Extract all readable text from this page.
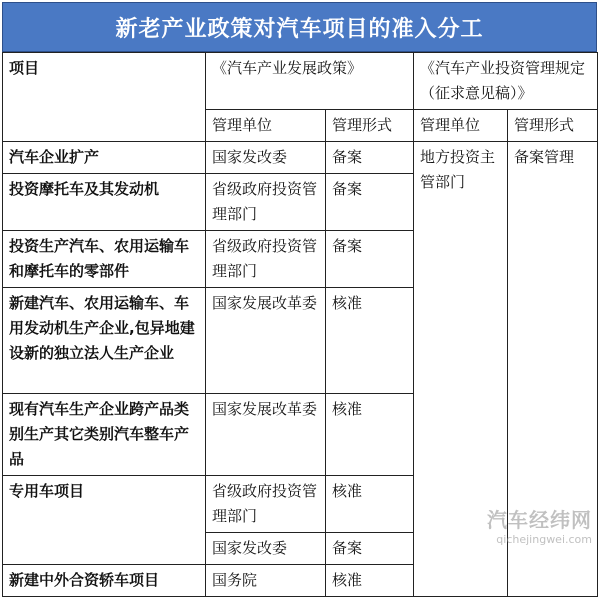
新老产业政策对汽车项目的准入分工
项目	《汽车产业发展政策》		《汽车产业投资管理规定（征求意见稿）》	
	管理单位	管理形式	管理单位	管理形式
汽车企业扩产	国家发改委	备案	地方投资主管部门	备案管理
投资摩托车及其发动机	省级政府投资管理部门	备案		
投资生产汽车、农用运输车和摩托车的零部件	省级政府投资管理部门	备案		
新建汽车、农用运输车、车用发动机生产企业,包异地建设新的独立法人生产企业	国家发展改革委	核准		
现有汽车生产企业跨产品类别生产其它类别汽车整车产品	国家发展改革委	核准		
专用车项目	省级政府投资管理部门	核准		
	国家发改委	备案		
新建中外合资轿车项目	国务院	核准		
汽车经纬网
qichejingwei.com
